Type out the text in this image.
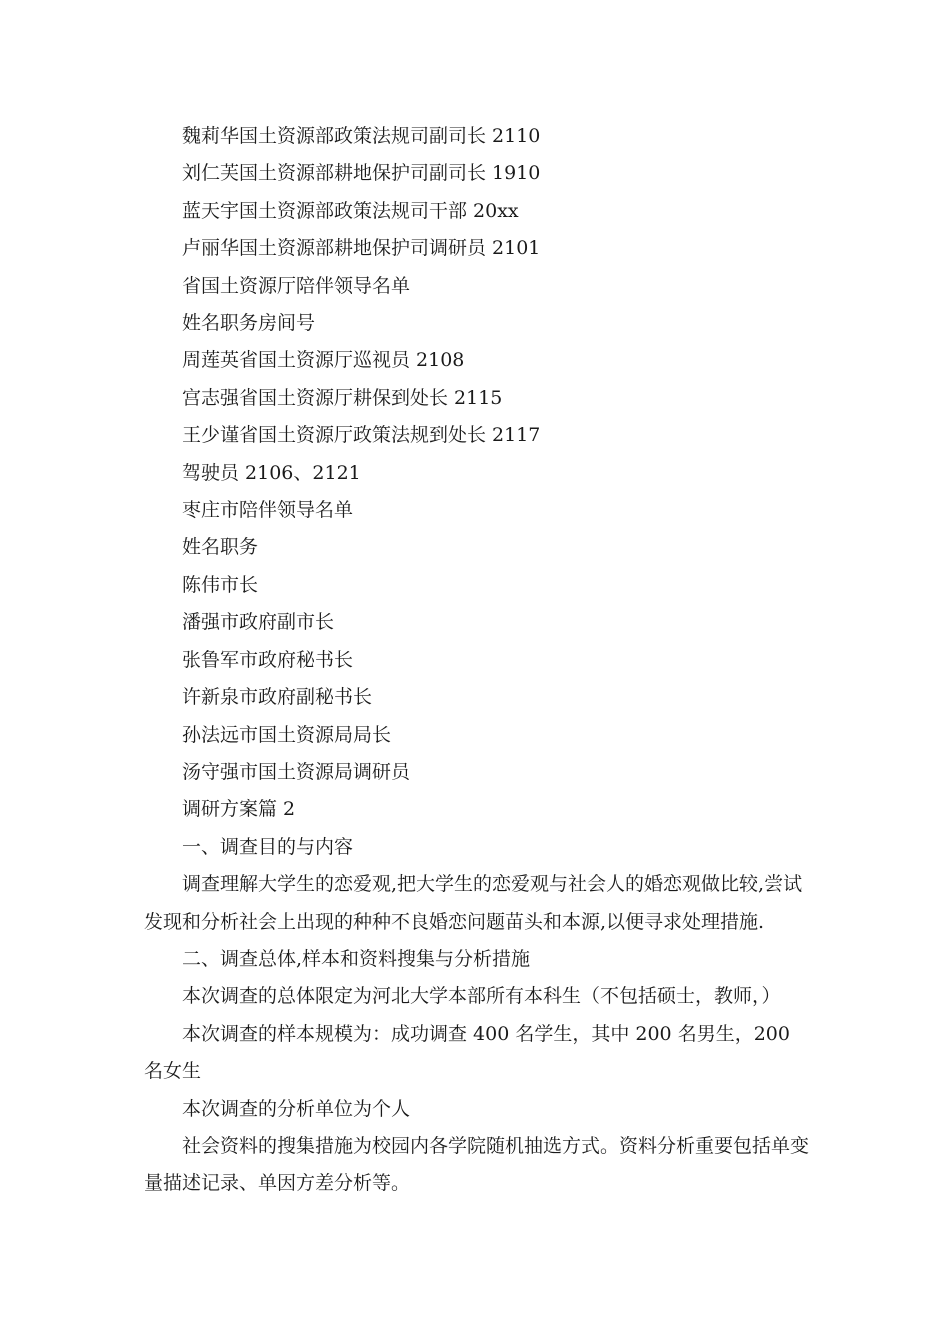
魏莉华国土资源部政策法规司副司长 2110
刘仁芙国土资源部耕地保护司副司长 1910
蓝天宇国土资源部政策法规司干部 20xx
卢丽华国土资源部耕地保护司调研员 2101
省国土资源厅陪伴领导名单
姓名职务房间号
周莲英省国土资源厅巡视员 2108
宫志强省国土资源厅耕保到处长 2115
王少谨省国土资源厅政策法规到处长 2117
驾驶员 2106、2121
枣庄市陪伴领导名单
姓名职务
陈伟市长
潘强市政府副市长
张鲁军市政府秘书长
许新泉市政府副秘书长
孙法远市国土资源局局长
汤守强市国土资源局调研员
调研方案篇 2
一、调查目的与内容
调查理解大学生的恋爱观,把大学生的恋爱观与社会人的婚恋观做比较,尝试发现和分析社会上出现的种种不良婚恋问题苗头和本源,以便寻求处理措施.
二、调查总体,样本和资料搜集与分析措施
本次调查的总体限定为河北大学本部所有本科生（不包括硕士，教师，）
本次调查的样本规模为：成功调查 400 名学生，其中 200 名男生，200 名女生
本次调查的分析单位为个人
社会资料的搜集措施为校园内各学院随机抽选方式。资料分析重要包括单变量描述记录、单因方差分析等。
